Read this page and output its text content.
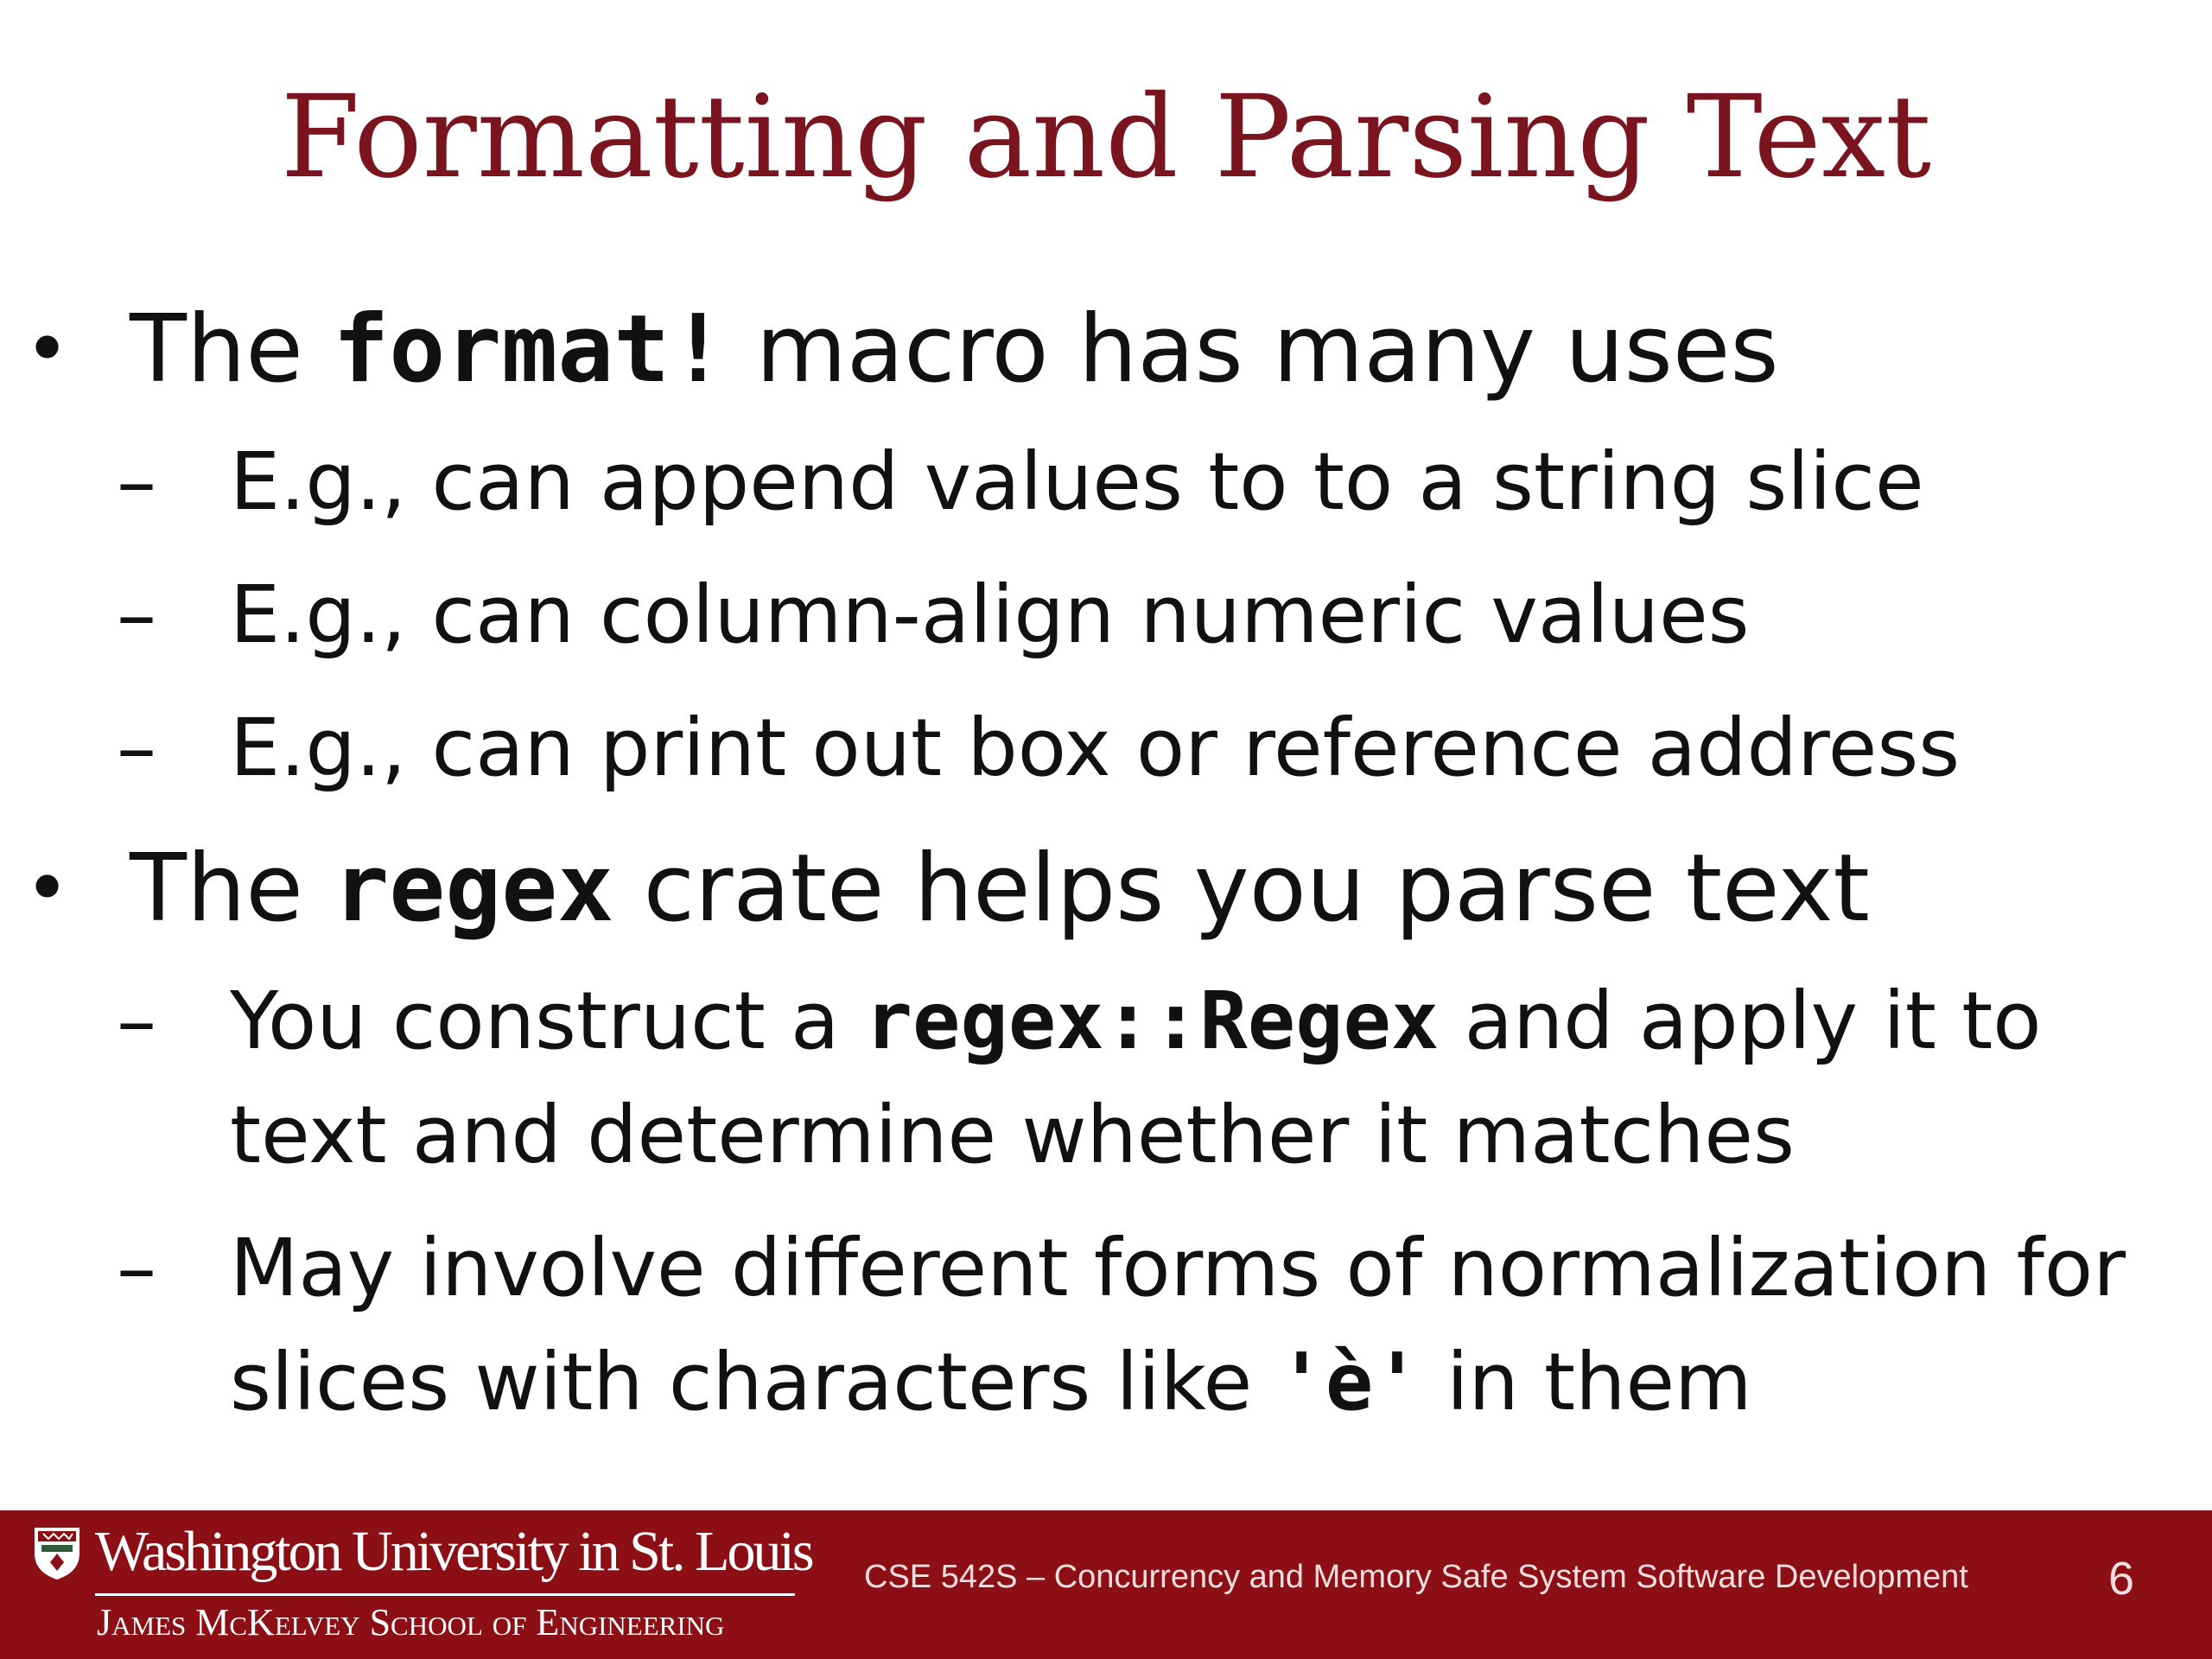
Formatting and Parsing Text
• The format! macro has many uses
– E.g., can append values to to a string slice
– E.g., can column-align numeric values
– E.g., can print out box or reference address
• The regex crate helps you parse text
– You construct a regex::Regex and apply it to text and determine whether it matches
– May involve different forms of normalization for slices with characters like 'è' in them
Washington University in St. Louis
James McKelvey School of Engineering
CSE 542S – Concurrency and Memory Safe System Software Development	6
